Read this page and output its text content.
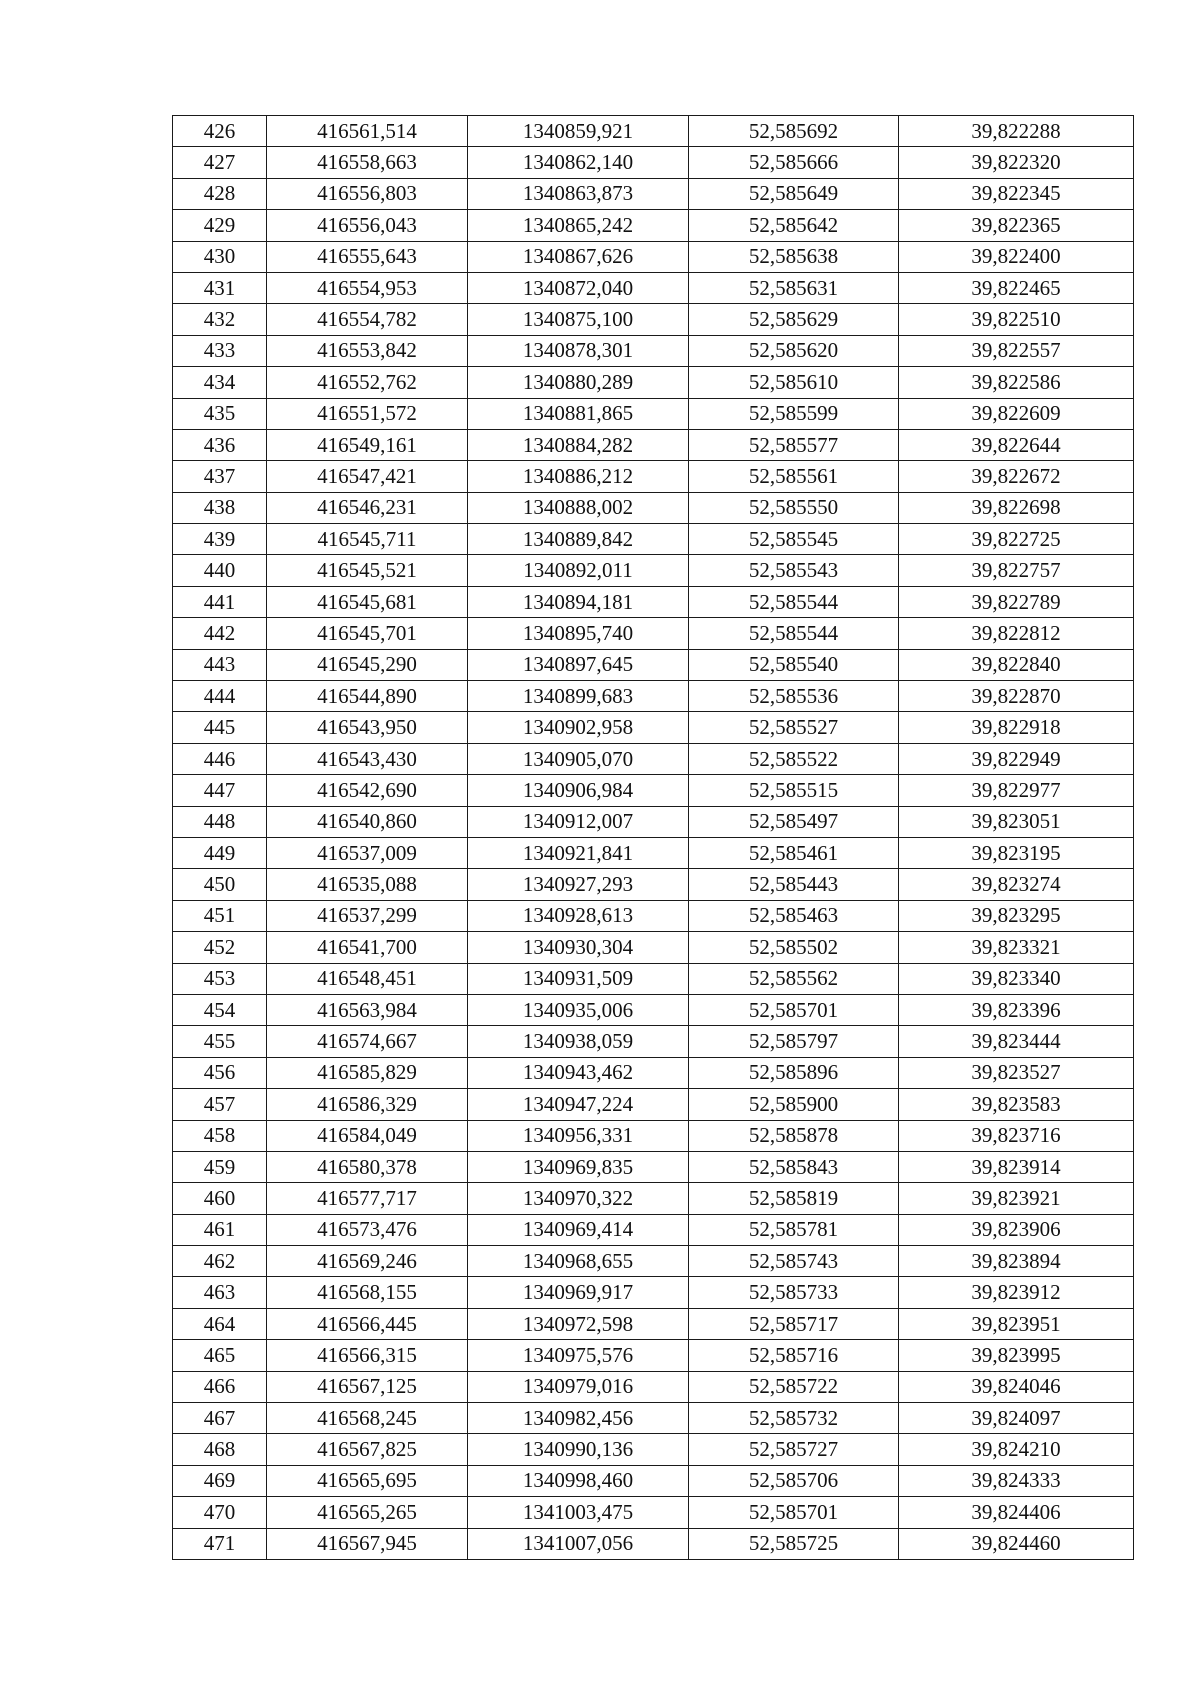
426	416561,514	1340859,921	52,585692	39,822288
427	416558,663	1340862,140	52,585666	39,822320
428	416556,803	1340863,873	52,585649	39,822345
429	416556,043	1340865,242	52,585642	39,822365
430	416555,643	1340867,626	52,585638	39,822400
431	416554,953	1340872,040	52,585631	39,822465
432	416554,782	1340875,100	52,585629	39,822510
433	416553,842	1340878,301	52,585620	39,822557
434	416552,762	1340880,289	52,585610	39,822586
435	416551,572	1340881,865	52,585599	39,822609
436	416549,161	1340884,282	52,585577	39,822644
437	416547,421	1340886,212	52,585561	39,822672
438	416546,231	1340888,002	52,585550	39,822698
439	416545,711	1340889,842	52,585545	39,822725
440	416545,521	1340892,011	52,585543	39,822757
441	416545,681	1340894,181	52,585544	39,822789
442	416545,701	1340895,740	52,585544	39,822812
443	416545,290	1340897,645	52,585540	39,822840
444	416544,890	1340899,683	52,585536	39,822870
445	416543,950	1340902,958	52,585527	39,822918
446	416543,430	1340905,070	52,585522	39,822949
447	416542,690	1340906,984	52,585515	39,822977
448	416540,860	1340912,007	52,585497	39,823051
449	416537,009	1340921,841	52,585461	39,823195
450	416535,088	1340927,293	52,585443	39,823274
451	416537,299	1340928,613	52,585463	39,823295
452	416541,700	1340930,304	52,585502	39,823321
453	416548,451	1340931,509	52,585562	39,823340
454	416563,984	1340935,006	52,585701	39,823396
455	416574,667	1340938,059	52,585797	39,823444
456	416585,829	1340943,462	52,585896	39,823527
457	416586,329	1340947,224	52,585900	39,823583
458	416584,049	1340956,331	52,585878	39,823716
459	416580,378	1340969,835	52,585843	39,823914
460	416577,717	1340970,322	52,585819	39,823921
461	416573,476	1340969,414	52,585781	39,823906
462	416569,246	1340968,655	52,585743	39,823894
463	416568,155	1340969,917	52,585733	39,823912
464	416566,445	1340972,598	52,585717	39,823951
465	416566,315	1340975,576	52,585716	39,823995
466	416567,125	1340979,016	52,585722	39,824046
467	416568,245	1340982,456	52,585732	39,824097
468	416567,825	1340990,136	52,585727	39,824210
469	416565,695	1340998,460	52,585706	39,824333
470	416565,265	1341003,475	52,585701	39,824406
471	416567,945	1341007,056	52,585725	39,824460
